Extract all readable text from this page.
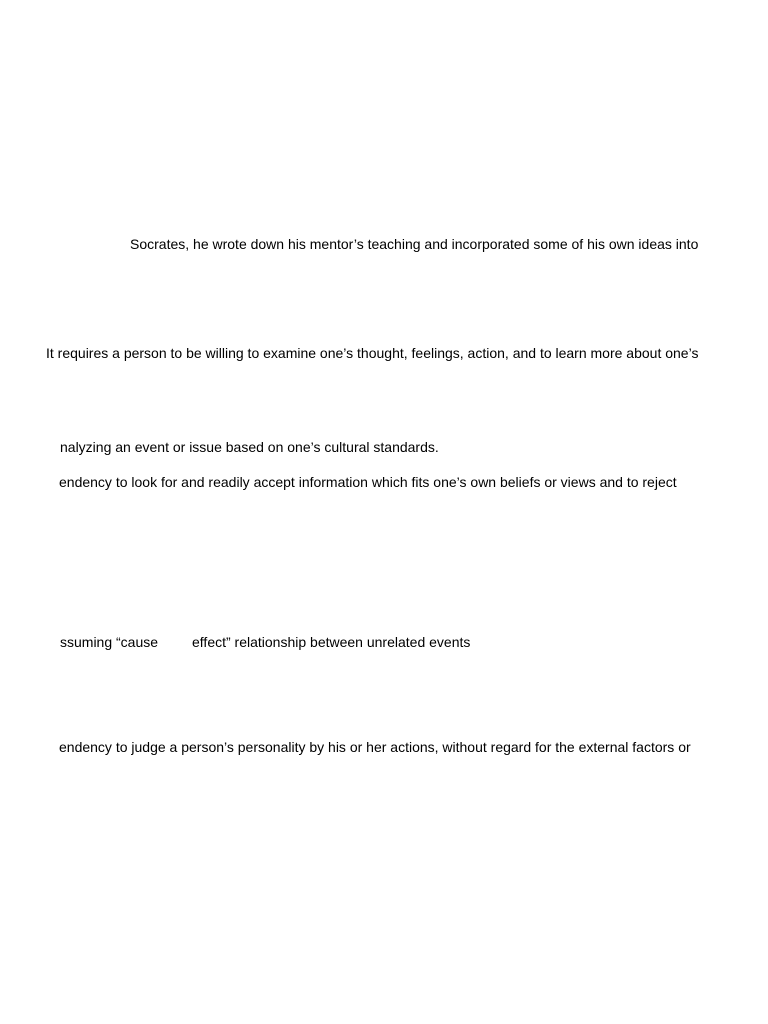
Socrates, he wrote down his mentor’s teaching and incorporated some of his own ideas into

It requires a person to be willing to examine one’s thought, feelings, action, and to learn more about one’s

nalyzing an event or issue based on one’s cultural standards.

endency to look for and readily accept information which fits one’s own beliefs or views and to reject

ssuming “cause effect” relationship between unrelated events

endency to judge a person’s personality by his or her actions, without regard for the external factors or
